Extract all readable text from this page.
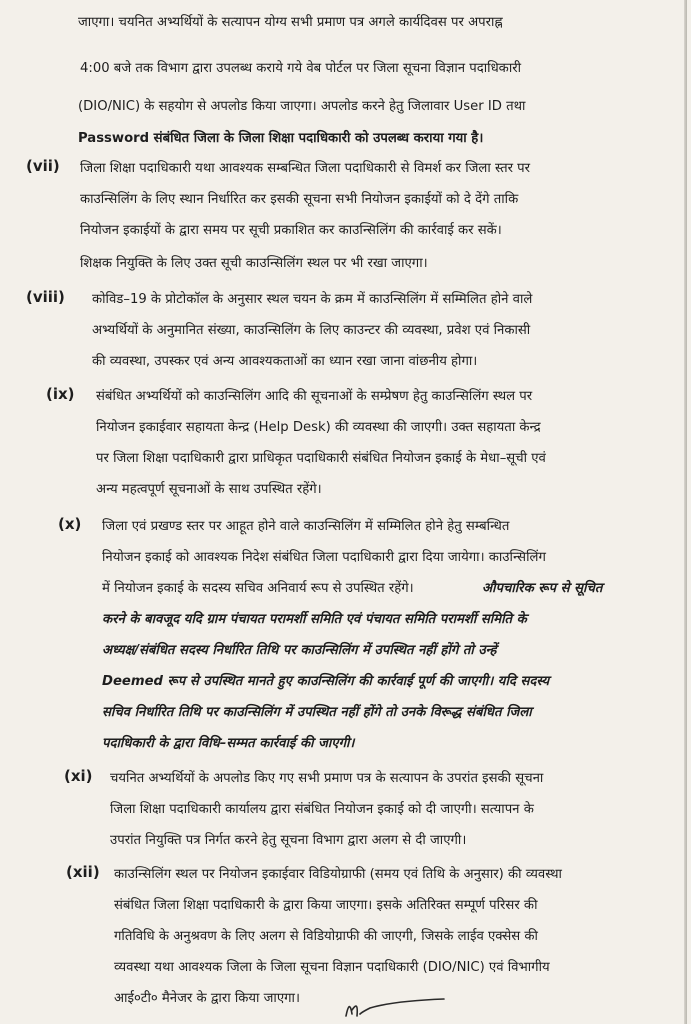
जाएगा। चयनित अभ्यर्थियों के सत्यापन योग्य सभी प्रमाण पत्र अगले कार्यदिवस पर अपराह्न
4:00 बजे तक विभाग द्वारा उपलब्ध कराये गये वेब पोर्टल पर जिला सूचना विज्ञान पदाधिकारी
(DIO/NIC) के सहयोग से अपलोड किया जाएगा। अपलोड करने हेतु जिलावार User ID तथा
Password संबंधित जिला के जिला शिक्षा पदाधिकारी को उपलब्ध कराया गया है।
(vii) जिला शिक्षा पदाधिकारी यथा आवश्यक सम्बन्धित जिला पदाधिकारी से विमर्श कर जिला स्तर पर
काउन्सिलिंग के लिए स्थान निर्धारित कर इसकी सूचना सभी नियोजन इकाईयों को दे देंगे ताकि
नियोजन इकाईयों के द्वारा समय पर सूची प्रकाशित कर काउन्सिलिंग की कार्रवाई कर सकें।
शिक्षक नियुक्ति के लिए उक्त सूची काउन्सिलिंग स्थल पर भी रखा जाएगा।
(viii) कोविड–19 के प्रोटोकॉल के अनुसार स्थल चयन के क्रम में काउन्सिलिंग में सम्मिलित होने वाले
अभ्यर्थियों के अनुमानित संख्या, काउन्सिलिंग के लिए काउन्टर की व्यवस्था, प्रवेश एवं निकासी
की व्यवस्था, उपस्कर एवं अन्य आवश्यकताओं का ध्यान रखा जाना वांछनीय होगा।
(ix) संबंधित अभ्यर्थियों को काउन्सिलिंग आदि की सूचनाओं के सम्प्रेषण हेतु काउन्सिलिंग स्थल पर
नियोजन इकाईवार सहायता केन्द्र (Help Desk) की व्यवस्था की जाएगी। उक्त सहायता केन्द्र
पर जिला शिक्षा पदाधिकारी द्वारा प्राधिकृत पदाधिकारी संबंधित नियोजन इकाई के मेधा–सूची एवं
अन्य महत्वपूर्ण सूचनाओं के साथ उपस्थित रहेंगे।
(x) जिला एवं प्रखण्ड स्तर पर आहूत होने वाले काउन्सिलिंग में सम्मिलित होने हेतु सम्बन्धित
नियोजन इकाई को आवश्यक निदेश संबंधित जिला पदाधिकारी द्वारा दिया जायेगा। काउन्सिलिंग
में नियोजन इकाई के सदस्य सचिव अनिवार्य रूप से उपस्थित रहेंगे।	औपचारिक रूप से सूचित
करने के बावजूद यदि ग्राम पंचायत परामर्शी समिति एवं पंचायत समिति परामर्शी समिति के
अध्यक्ष/संबंधित सदस्य निर्धारित तिथि पर काउन्सिलिंग में उपस्थित नहीं होंगे तो उन्हें
Deemed रूप से उपस्थित मानते हुए काउन्सिलिंग की कार्रवाई पूर्ण की जाएगी। यदि सदस्य
सचिव निर्धारित तिथि पर काउन्सिलिंग में उपस्थित नहीं होंगे तो उनके विरूद्ध संबंधित जिला
पदाधिकारी के द्वारा विधि–सम्मत कार्रवाई की जाएगी।
(xi) चयनित अभ्यर्थियों के अपलोड किए गए सभी प्रमाण पत्र के सत्यापन के उपरांत इसकी सूचना
जिला शिक्षा पदाधिकारी कार्यालय द्वारा संबंधित नियोजन इकाई को दी जाएगी। सत्यापन के
उपरांत नियुक्ति पत्र निर्गत करने हेतु सूचना विभाग द्वारा अलग से दी जाएगी।
(xii) काउन्सिलिंग स्थल पर नियोजन इकाईवार विडियोग्राफी (समय एवं तिथि के अनुसार) की व्यवस्था
संबंधित जिला शिक्षा पदाधिकारी के द्वारा किया जाएगा। इसके अतिरिक्त सम्पूर्ण परिसर की
गतिविधि के अनुश्रवण के लिए अलग से विडियोग्राफी की जाएगी, जिसके लाईव एक्सेस की
व्यवस्था यथा आवश्यक जिला के जिला सूचना विज्ञान पदाधिकारी (DIO/NIC) एवं विभागीय
आई०टी० मैनेजर के द्वारा किया जाएगा।
